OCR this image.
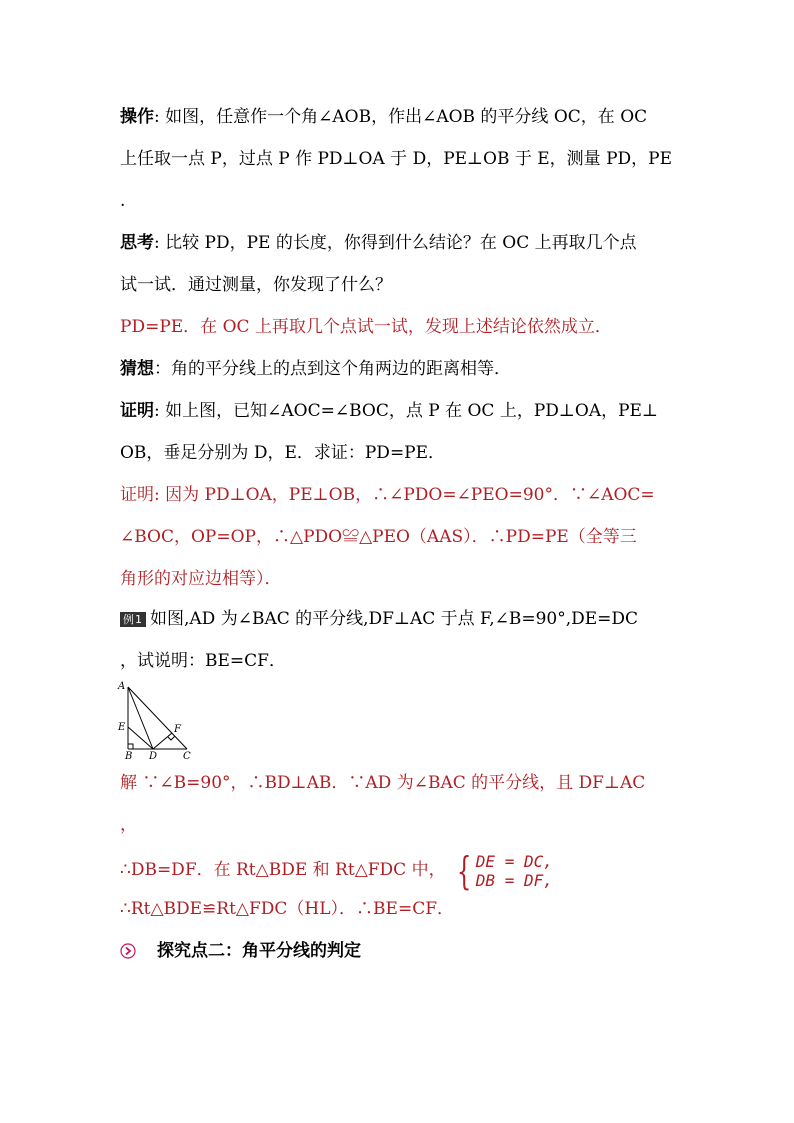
操作: 如图，任意作一个角∠AOB，作出∠AOB 的平分线 OC，在 OC
上任取一点 P，过点 P 作 PD⊥OA 于 D，PE⊥OB 于 E，测量 PD，PE
.
思考: 比较 PD，PE 的长度，你得到什么结论？在 OC 上再取几个点
试一试．通过测量，你发现了什么？
PD=PE．在 OC 上再取几个点试一试，发现上述结论依然成立．
猜想：角的平分线上的点到这个角两边的距离相等．
证明: 如上图，已知∠AOC=∠BOC，点 P 在 OC 上，PD⊥OA，PE⊥
OB，垂足分别为 D，E．求证：PD=PE．
证明: 因为 PD⊥OA，PE⊥OB，∴∠PDO=∠PEO=90°．∵∠AOC=
∠BOC，OP=OP，∴△PDO≌△PEO（AAS）．∴PD=PE（全等三
角形的对应边相等）．
例1 如图,AD 为∠BAC 的平分线,DF⊥AC 于点 F,∠B=90°,DE=DC
，试说明：BE=CF．
A
E	F
B D	C
解 ∵∠B=90°，∴BD⊥AB．∵AD 为∠BAC 的平分线，且 DF⊥AC
，
∴DB=DF．在 Rt△BDE 和 Rt△FDC 中， { DE = DC,
DB = DF,
∴Rt△BDE≌Rt△FDC（HL）．∴BE=CF．
探究点二：角平分线的判定
